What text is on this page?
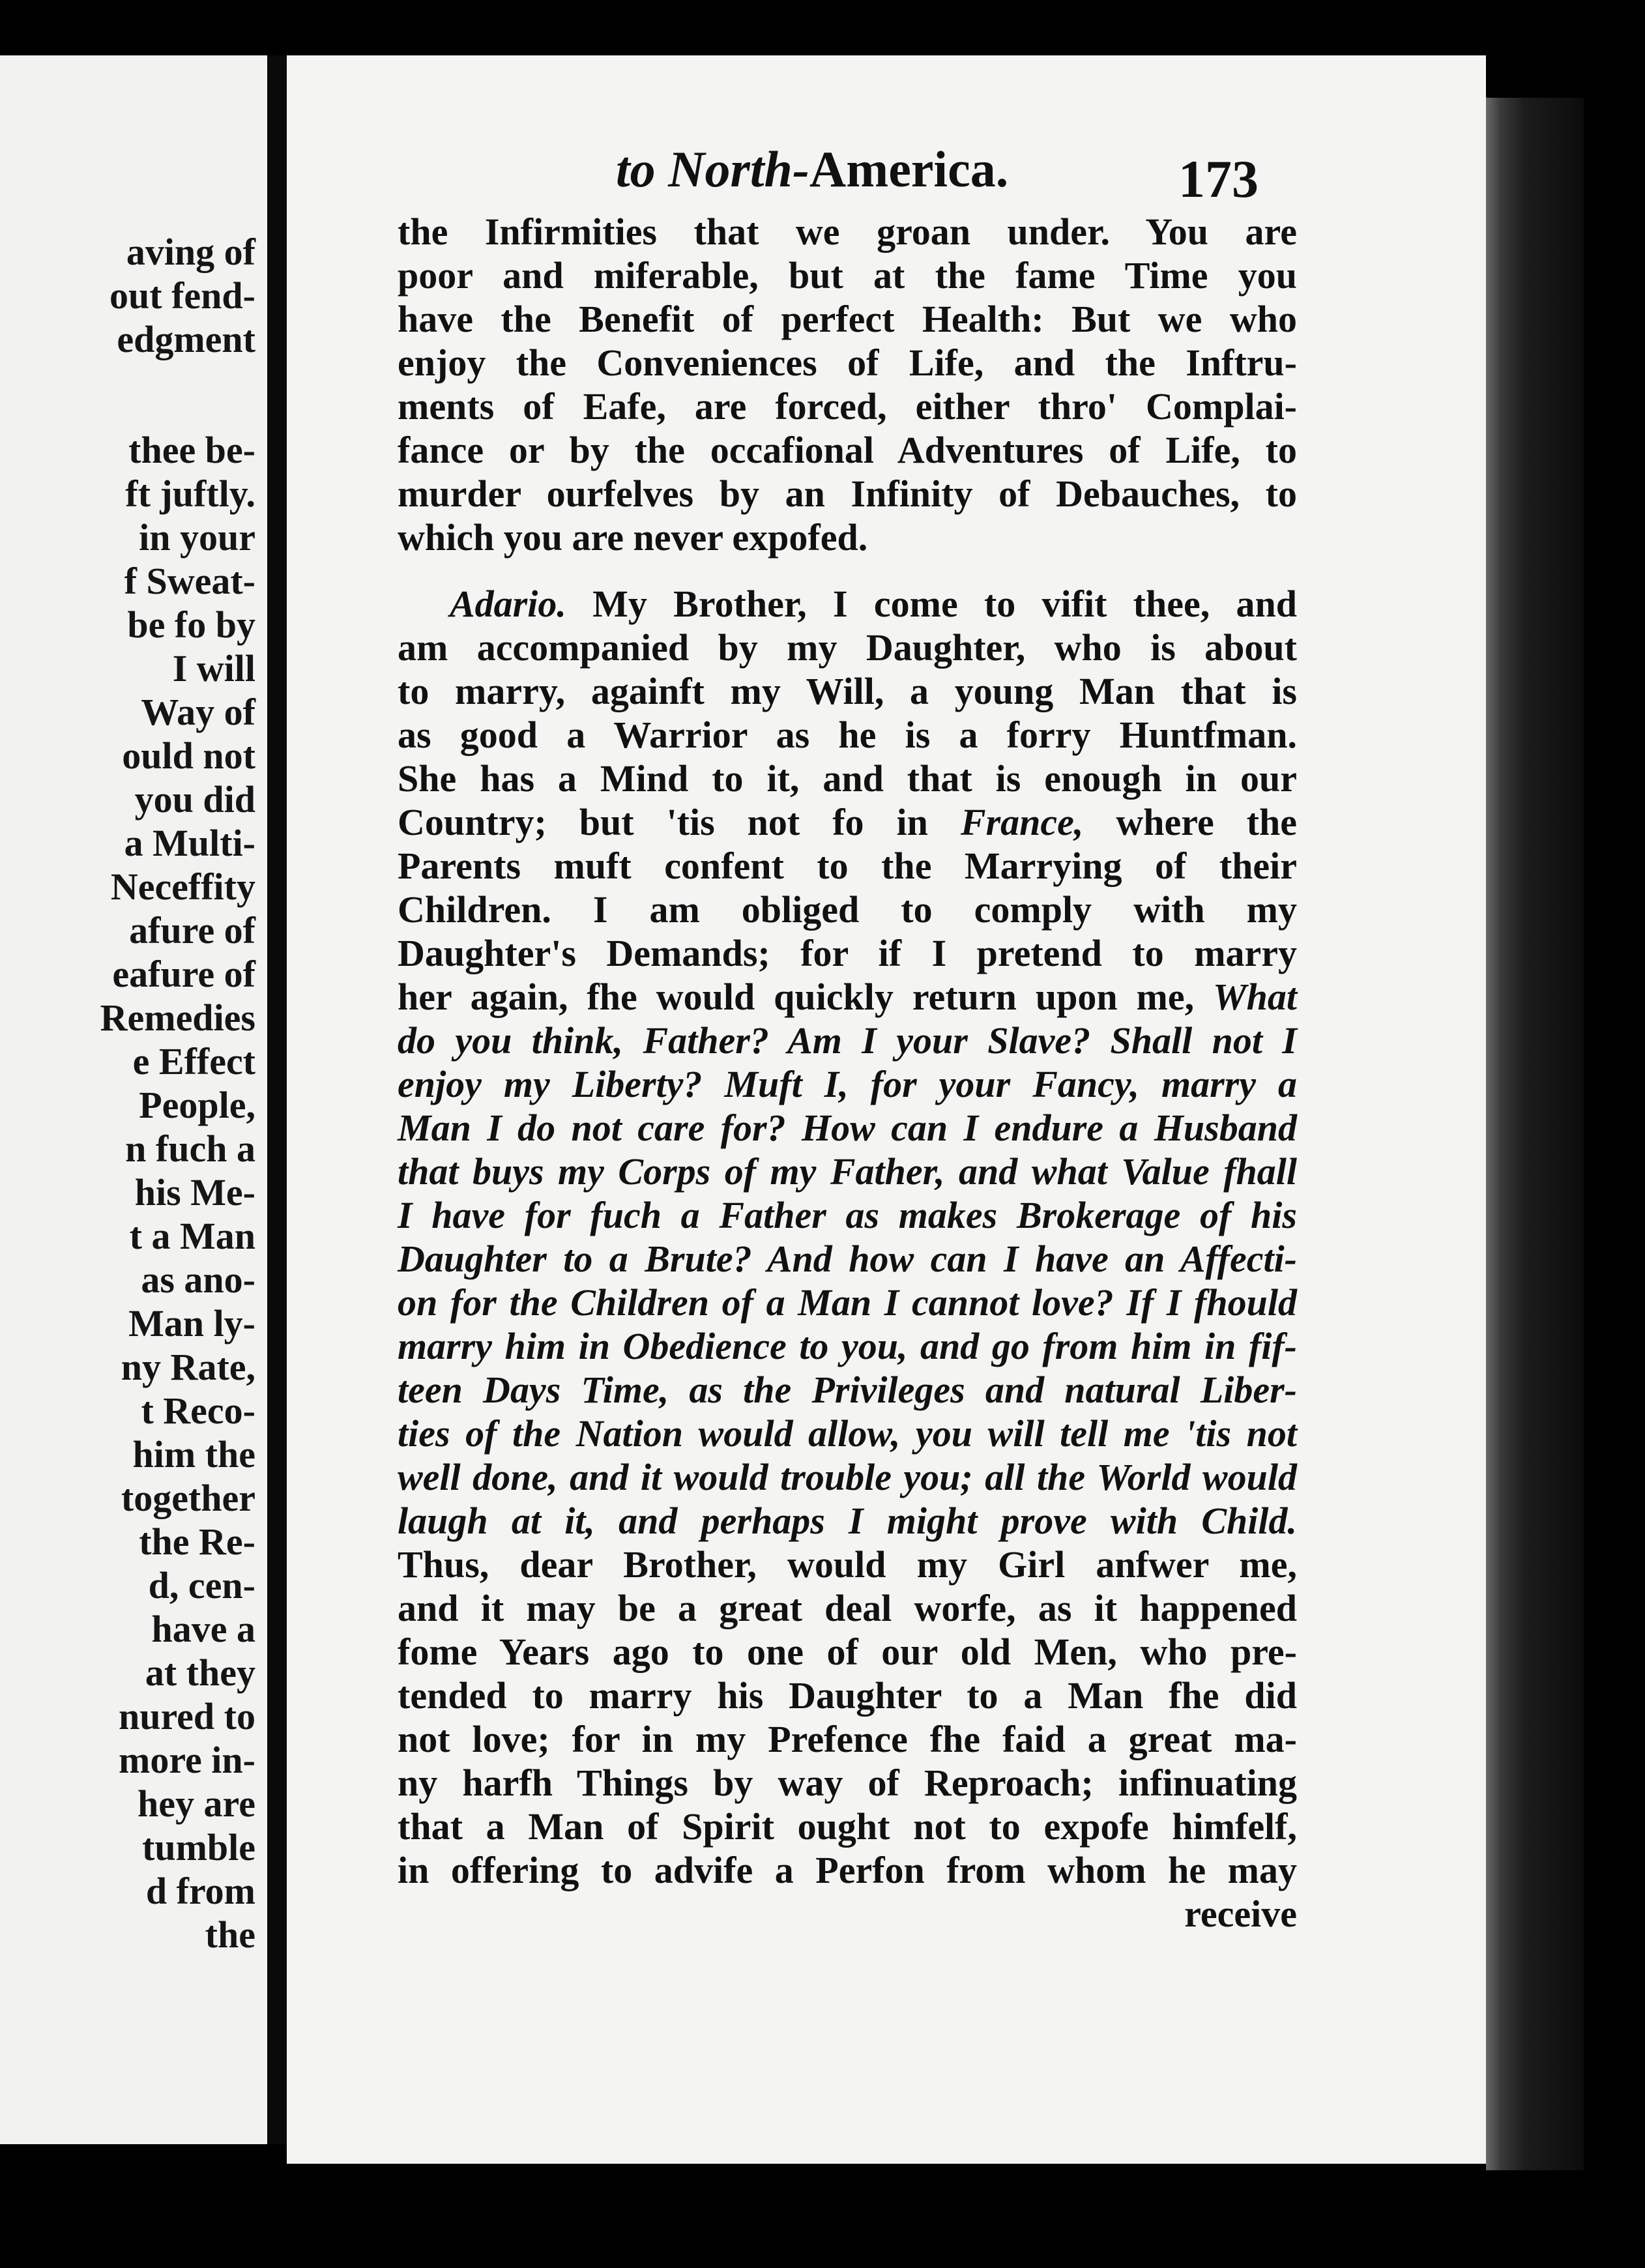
aving of
out fend-
edgment
thee be-
ft juftly.
in your
f Sweat-
be fo by
I will
Way of
ould not
you did
a Multi-
Neceffity
afure of
eafure of
Remedies
e Effect
People,
n fuch a
his Me-
t a Man
as ano-
Man ly-
ny Rate,
t Reco-
him the
together
the Re-
d, cen-
have a
at they
nured to
more in-
hey are
tumble
d from
the
to North-America.	173
the Infirmities that we groan under. You are
poor and miferable, but at the fame Time you
have the Benefit of perfect Health: But we who
enjoy the Conveniences of Life, and the Inftru-
ments of Eafe, are forced, either thro' Complai-
fance or by the occafional Adventures of Life, to
murder ourfelves by an Infinity of Debauches, to
which you are never expofed.
Adario. My Brother, I come to vifit thee, and
am accompanied by my Daughter, who is about
to marry, againft my Will, a young Man that is
as good a Warrior as he is a forry Huntfman.
She has a Mind to it, and that is enough in our
Country; but 'tis not fo in France, where the
Parents muft confent to the Marrying of their
Children. I am obliged to comply with my
Daughter's Demands; for if I pretend to marry
her again, fhe would quickly return upon me, What
do you think, Father? Am I your Slave? Shall not I
enjoy my Liberty? Muft I, for your Fancy, marry a
Man I do not care for? How can I endure a Husband
that buys my Corps of my Father, and what Value fhall
I have for fuch a Father as makes Brokerage of his
Daughter to a Brute? And how can I have an Affecti-
on for the Children of a Man I cannot love? If I fhould
marry him in Obedience to you, and go from him in fif-
teen Days Time, as the Privileges and natural Liber-
ties of the Nation would allow, you will tell me 'tis not
well done, and it would trouble you; all the World would
laugh at it, and perhaps I might prove with Child.
Thus, dear Brother, would my Girl anfwer me,
and it may be a great deal worfe, as it happened
fome Years ago to one of our old Men, who pre-
tended to marry his Daughter to a Man fhe did
not love; for in my Prefence fhe faid a great ma-
ny harfh Things by way of Reproach; infinuating
that a Man of Spirit ought not to expofe himfelf,
in offering to advife a Perfon from whom he may
receive
